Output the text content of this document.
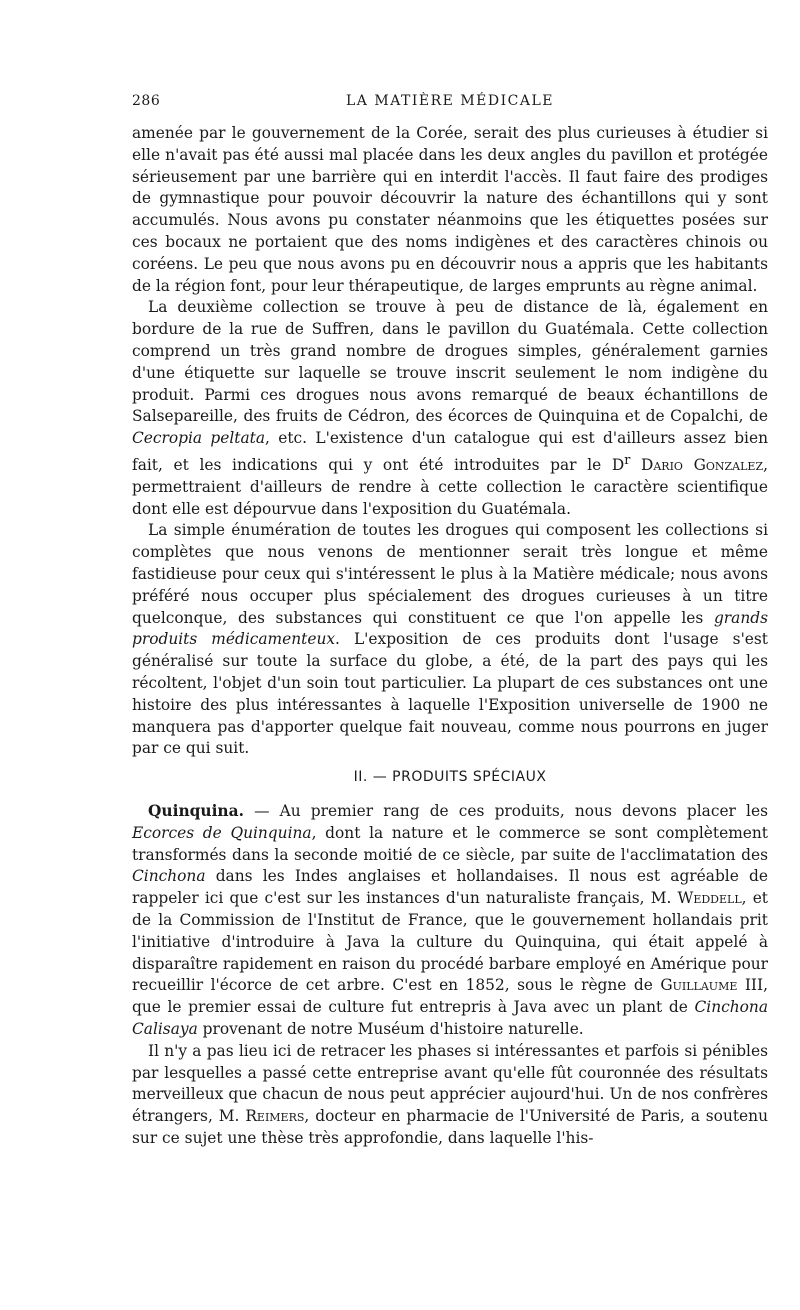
286	LA MATIÈRE MÉDICALE

amenée par le gouvernement de la Corée, serait des plus curieuses à étudier si elle n'avait pas été aussi mal placée dans les deux angles du pavillon et protégée sérieusement par une barrière qui en interdit l'accès. Il faut faire des prodiges de gymnastique pour pouvoir découvrir la nature des échantillons qui y sont accumulés. Nous avons pu constater néanmoins que les étiquettes posées sur ces bocaux ne portaient que des noms indigènes et des caractères chinois ou coréens. Le peu que nous avons pu en découvrir nous a appris que les habitants de la région font, pour leur thérapeutique, de larges emprunts au règne animal.

La deuxième collection se trouve à peu de distance de là, également en bordure de la rue de Suffren, dans le pavillon du Guatémala. Cette collection comprend un très grand nombre de drogues simples, généralement garnies d'une étiquette sur laquelle se trouve inscrit seulement le nom indigène du produit. Parmi ces drogues nous avons remarqué de beaux échantillons de Salsepareille, des fruits de Cédron, des écorces de Quinquina et de Copalchi, de Cecropia peltata, etc. L'existence d'un catalogue qui est d'ailleurs assez bien fait, et les indications qui y ont été introduites par le $D^r$ Dario Gonzalez, permettraient d'ailleurs de rendre à cette collection le caractère scientifique dont elle est dépourvue dans l'exposition du Guatémala.

La simple énumération de toutes les drogues qui composent les collections si complètes que nous venons de mentionner serait très longue et même fastidieuse pour ceux qui s'intéressent le plus à la Matière médicale; nous avons préféré nous occuper plus spécialement des drogues curieuses à un titre quelconque, des substances qui constituent ce que l'on appelle les grands produits médicamenteux. L'exposition de ces produits dont l'usage s'est généralisé sur toute la surface du globe, a été, de la part des pays qui les récoltent, l'objet d'un soin tout particulier. La plupart de ces substances ont une histoire des plus intéressantes à laquelle l'Exposition universelle de 1900 ne manquera pas d'apporter quelque fait nouveau, comme nous pourrons en juger par ce qui suit.

II. — PRODUITS SPÉCIAUX

Quinquina. — Au premier rang de ces produits, nous devons placer les Ecorces de Quinquina, dont la nature et le commerce se sont complètement transformés dans la seconde moitié de ce siècle, par suite de l'acclimatation des Cinchona dans les Indes anglaises et hollandaises. Il nous est agréable de rappeler ici que c'est sur les instances d'un naturaliste français, M. Weddell, et de la Commission de l'Institut de France, que le gouvernement hollandais prit l'initiative d'introduire à Java la culture du Quinquina, qui était appelé à disparaître rapidement en raison du procédé barbare employé en Amérique pour recueillir l'écorce de cet arbre. C'est en 1852, sous le règne de Guillaume III, que le premier essai de culture fut entrepris à Java avec un plant de Cinchona Calisaya provenant de notre Muséum d'histoire naturelle.

Il n'y a pas lieu ici de retracer les phases si intéressantes et parfois si pénibles par lesquelles a passé cette entreprise avant qu'elle fût couronnée des résultats merveilleux que chacun de nous peut apprécier aujourd'hui. Un de nos confrères étrangers, M. Reimers, docteur en pharmacie de l'Université de Paris, a soutenu sur ce sujet une thèse très approfondie, dans laquelle l'his-
